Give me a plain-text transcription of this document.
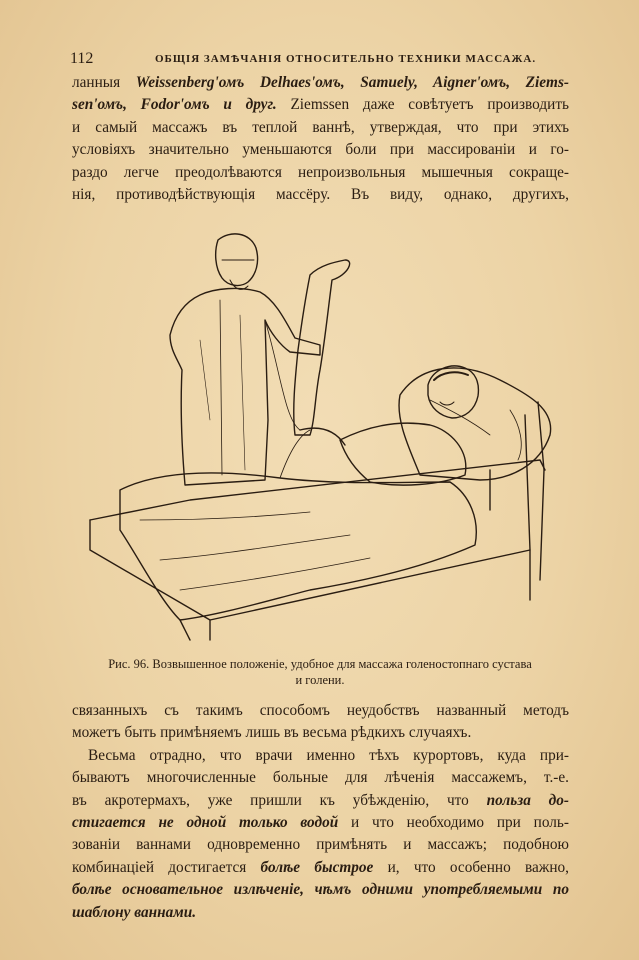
112	ОБЩІЯ ЗАМѢЧАНІЯ ОТНОСИТЕЛЬНО ТЕХНИКИ МАССАЖА.
ланныя Weissenberg'омъ Delhaes'омъ, Samuely, Aigner'омъ, Ziems-
sen'омъ, Fodor'омъ и друг. Ziemssen даже совѣтуетъ производить
и самый массажъ въ теплой ваннѣ, утверждая, что при этихъ
условіяхъ значительно уменьшаются боли при массированіи и го-
раздо легче преодолѣваются непроизвольныя мышечныя сокраще-
нія, противодѣйствующія массёру. Въ виду, однако, другихъ,
Рис. 96. Возвышенное положеніе, удобное для массажа голеностопнаго сустава
и голени.
связанныхъ съ такимъ способомъ неудобствъ названный методъ
можетъ быть примѣняемъ лишь въ весьма рѣдкихъ случаяхъ.
Весьма отрадно, что врачи именно тѣхъ курортовъ, куда при-
бываютъ многочисленные больные для лѣченія массажемъ, т.-е.
въ акротермахъ, уже пришли къ убѣжденію, что польза до-
стигается не одной только водой и что необходимо при поль-
зованіи ваннами одновременно примѣнять и массажъ; подобною
комбинаціей достигается болѣе быстрое и, что особенно важно,
болѣе основательное излѣченіе, чѣмъ одними употребляемыми по
шаблону ваннами.
